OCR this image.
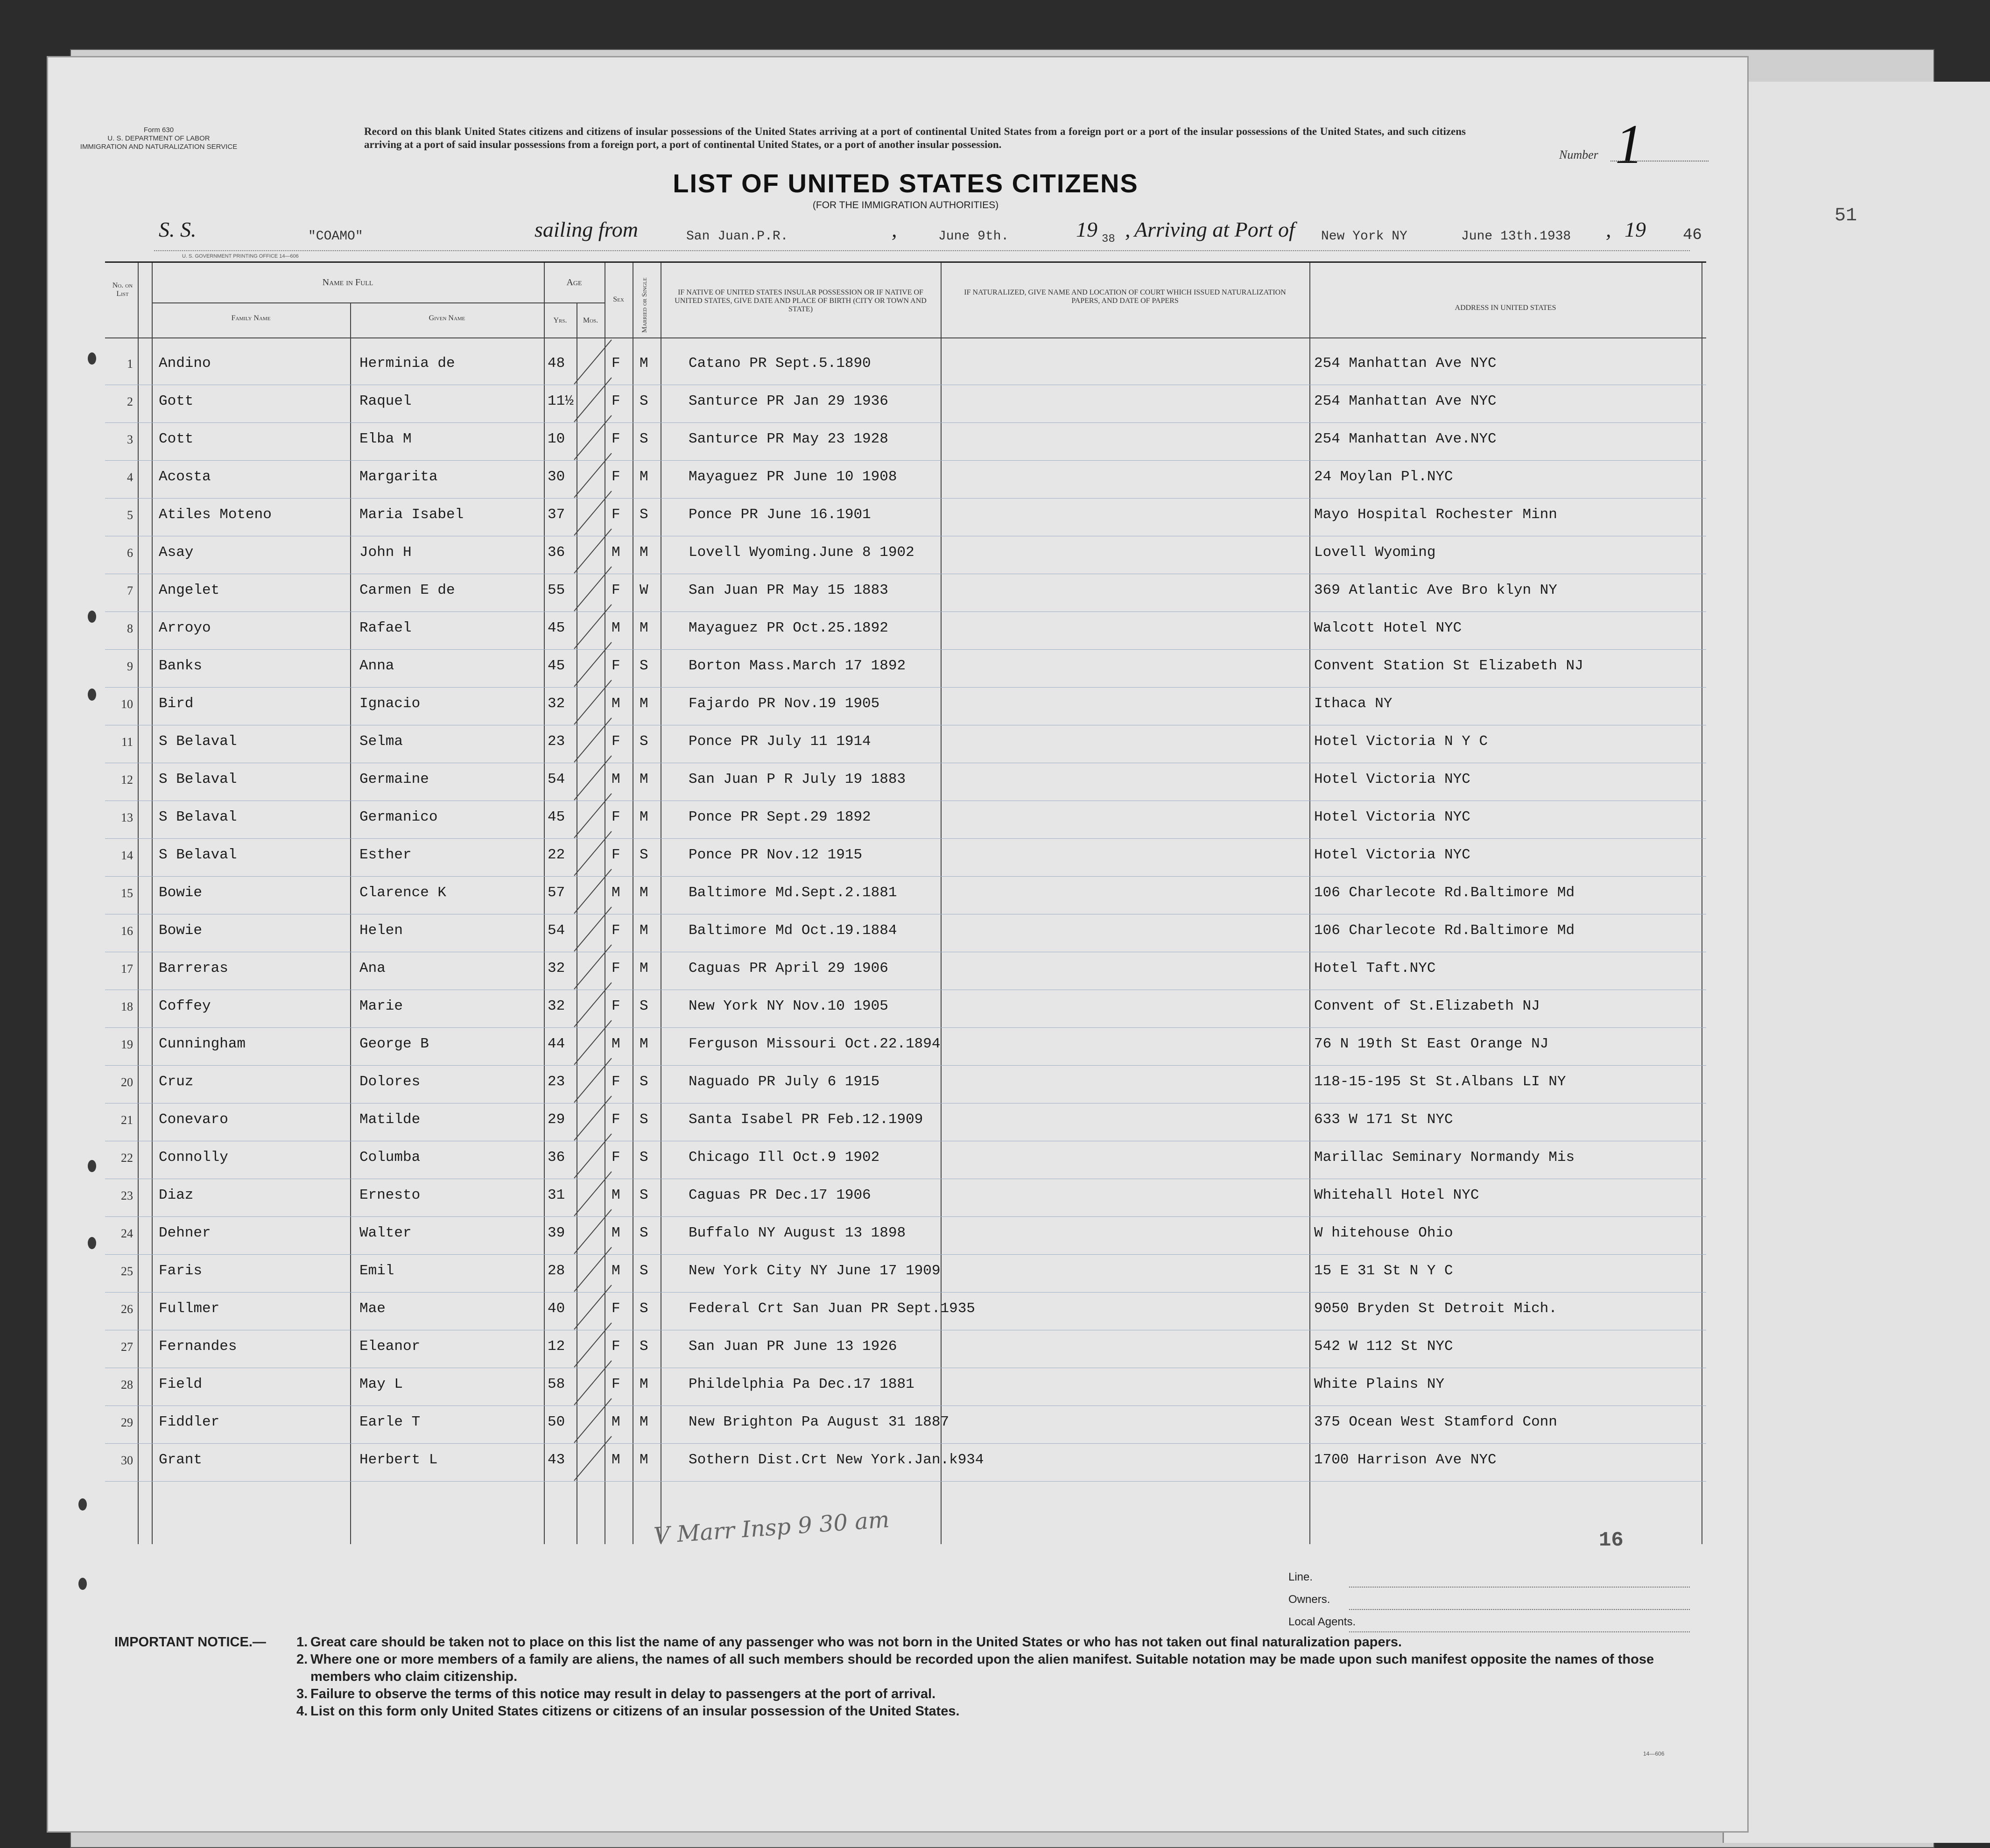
51
Form 630
U. S. DEPARTMENT OF LABOR
IMMIGRATION AND NATURALIZATION SERVICE
Record on this blank United States citizens and citizens of insular possessions of the United States arriving at a port of continental United States from a foreign port or a port of the insular possessions of the United States, and such citizens arriving at a port of said insular possessions from a foreign port, a port of continental United States, or a port of another insular possession.	1
Number
LIST OF UNITED STATES CITIZENS
(FOR THE IMMIGRATION AUTHORITIES)
S. S.	"COAMO"	sailing from	San Juan.P.R.	,	June 9th.	19 38 , Arriving at Port of New York NY	June 13th.1938 , 19 46
U. S. GOVERNMENT PRINTING OFFICE 14—606
No. on List
Name in Full
Family Name	Given Name
Age
Yrs.	Mos.
Sex	Married or Single	IF NATIVE OF UNITED STATES INSULAR POSSESSION OR IF NATIVE OF UNITED STATES, GIVE DATE AND PLACE OF BIRTH (CITY OR TOWN AND STATE)
IF NATURALIZED, GIVE NAME AND LOCATION OF COURT WHICH ISSUED NATURALIZATION PAPERS, AND DATE OF PAPERS
ADDRESS IN UNITED STATES
1 Andino	Herminia de	48	F M	Catano PR Sept.5.1890	254 Manhattan Ave NYC
2 Gott	Raquel	11½	F S	Santurce PR Jan 29 1936	254 Manhattan Ave NYC
3 Cott	Elba M	10	F S	Santurce PR May 23 1928	254 Manhattan Ave.NYC
4 Acosta	Margarita	30	F M	Mayaguez PR June 10 1908	24 Moylan Pl.NYC
5 Atiles Moteno	Maria Isabel	37	F S	Ponce PR June 16.1901	Mayo Hospital Rochester Minn
6 Asay	John H	36	M M	Lovell Wyoming.June 8 1902	Lovell Wyoming
7 Angelet	Carmen E de	55	F W	San Juan PR May 15 1883	369 Atlantic Ave Bro klyn NY
8 Arroyo	Rafael	45	M M	Mayaguez PR Oct.25.1892	Walcott Hotel NYC
9 Banks	Anna	45	F S	Borton Mass.March 17 1892	Convent Station St Elizabeth NJ
10 Bird	Ignacio	32	M M	Fajardo PR Nov.19 1905	Ithaca NY
11 S Belaval	Selma	23	F S	Ponce PR July 11 1914	Hotel Victoria N Y C
12 S Belaval	Germaine	54	M M	San Juan P R July 19 1883	Hotel Victoria NYC
13 S Belaval	Germanico	45	F M	Ponce PR Sept.29 1892	Hotel Victoria NYC
14 S Belaval	Esther	22	F S	Ponce PR Nov.12 1915	Hotel Victoria NYC
15 Bowie	Clarence K	57	M M	Baltimore Md.Sept.2.1881	106 Charlecote Rd.Baltimore Md
16 Bowie	Helen	54	F M	Baltimore Md Oct.19.1884	106 Charlecote Rd.Baltimore Md
17 Barreras	Ana	32	F M	Caguas PR April 29 1906	Hotel Taft.NYC
18 Coffey	Marie	32	F S	New York NY Nov.10 1905	Convent of St.Elizabeth NJ
19 Cunningham	George B	44	M M	Ferguson Missouri Oct.22.1894	76 N 19th St East Orange NJ
20 Cruz	Dolores	23	F S	Naguado PR July 6 1915	118-15-195 St St.Albans LI NY
21 Conevaro	Matilde	29	F S	Santa Isabel PR Feb.12.1909	633 W 171 St NYC
22 Connolly	Columba	36	F S	Chicago Ill Oct.9 1902	Marillac Seminary Normandy Mis
23 Diaz	Ernesto	31	M S	Caguas PR Dec.17 1906	Whitehall Hotel NYC
24 Dehner	Walter	39	M S	Buffalo NY August 13 1898	W hitehouse Ohio
25 Faris	Emil	28	M S	New York City NY June 17 1909	15 E 31 St N Y C
26 Fullmer	Mae	40	F S	Federal Crt San Juan PR Sept.1935	9050 Bryden St Detroit Mich.
27 Fernandes	Eleanor	12	F S	San Juan PR June 13 1926	542 W 112 St NYC
28 Field	May L	58	F M	Phildelphia Pa Dec.17 1881	White Plains NY
29 Fiddler	Earle T	50	M M	New Brighton Pa August 31 1887	375 Ocean West Stamford Conn
30 Grant	Herbert L	43	M M	Sothern Dist.Crt New York.Jan.k934	1700 Harrison Ave NYC
V Marr Insp 9 30 am	16
Line.
Owners.
Local Agents.
IMPORTANT NOTICE.—	1. Great care should be taken not to place on this list the name of any passenger who was not born in the United States or who has not taken out final naturalization papers.
2. Where one or more members of a family are aliens, the names of all such members should be recorded upon the alien manifest. Suitable notation may be made upon such manifest opposite the names of those members who claim citizenship.
3. Failure to observe the terms of this notice may result in delay to passengers at the port of arrival.
4. List on this form only United States citizens or citizens of an insular possession of the United States.
14—606
